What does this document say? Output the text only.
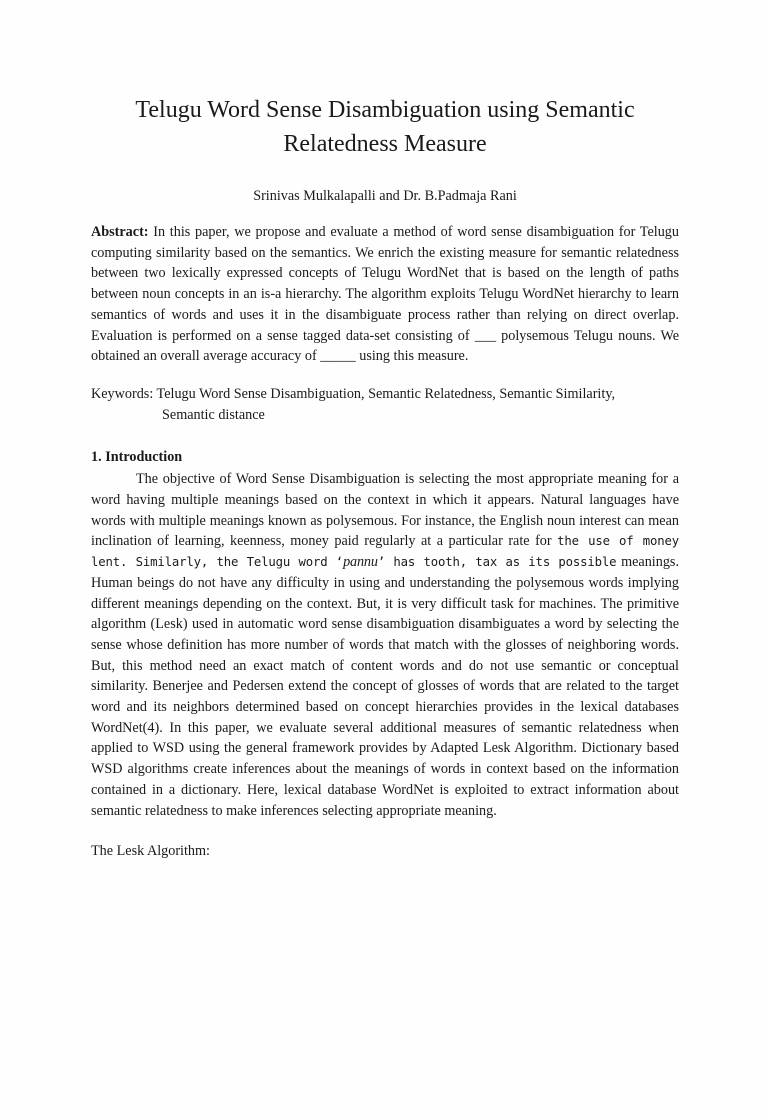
Telugu Word Sense Disambiguation using Semantic
Relatedness Measure
Srinivas Mulkalapalli and Dr. B.Padmaja Rani

Abstract: In this paper, we propose and evaluate a method of word sense disambiguation for Telugu computing similarity based on the semantics. We enrich the existing measure for semantic relatedness between two lexically expressed concepts of Telugu WordNet that is based on the length of paths between noun concepts in an is-a hierarchy. The algorithm exploits Telugu WordNet hierarchy to learn semantics of words and uses it in the disambiguate process rather than relying on direct overlap. Evaluation is performed on a sense tagged data-set consisting of ___ polysemous Telugu nouns. We obtained an overall average accuracy of _____ using this measure.

Keywords: Telugu Word Sense Disambiguation, Semantic Relatedness, Semantic Similarity,
Semantic distance
1. Introduction

The objective of Word Sense Disambiguation is selecting the most appropriate meaning for a word having multiple meanings based on the context in which it appears. Natural languages have words with multiple meanings known as polysemous. For instance, the English noun interest can mean inclination of learning, keenness, money paid regularly at a particular rate for the use of money lent. Similarly, the Telugu word ‘pannu’ has tooth, tax as its possible meanings. Human beings do not have any difficulty in using and understanding the polysemous words implying different meanings depending on the context. But, it is very difficult task for machines. The primitive algorithm (Lesk) used in automatic word sense disambiguation disambiguates a word by selecting the sense whose definition has more number of words that match with the glosses of neighboring words. But, this method need an exact match of content words and do not use semantic or conceptual similarity. Benerjee and Pedersen extend the concept of glosses of words that are related to the target word and its neighbors determined based on concept hierarchies provides in the lexical databases WordNet(4). In this paper, we evaluate several additional measures of semantic relatedness when applied to WSD using the general framework provides by Adapted Lesk Algorithm. Dictionary based WSD algorithms create inferences about the meanings of words in context based on the information contained in a dictionary. Here, lexical database WordNet is exploited to extract information about semantic relatedness to make inferences selecting appropriate meaning.

The Lesk Algorithm:
